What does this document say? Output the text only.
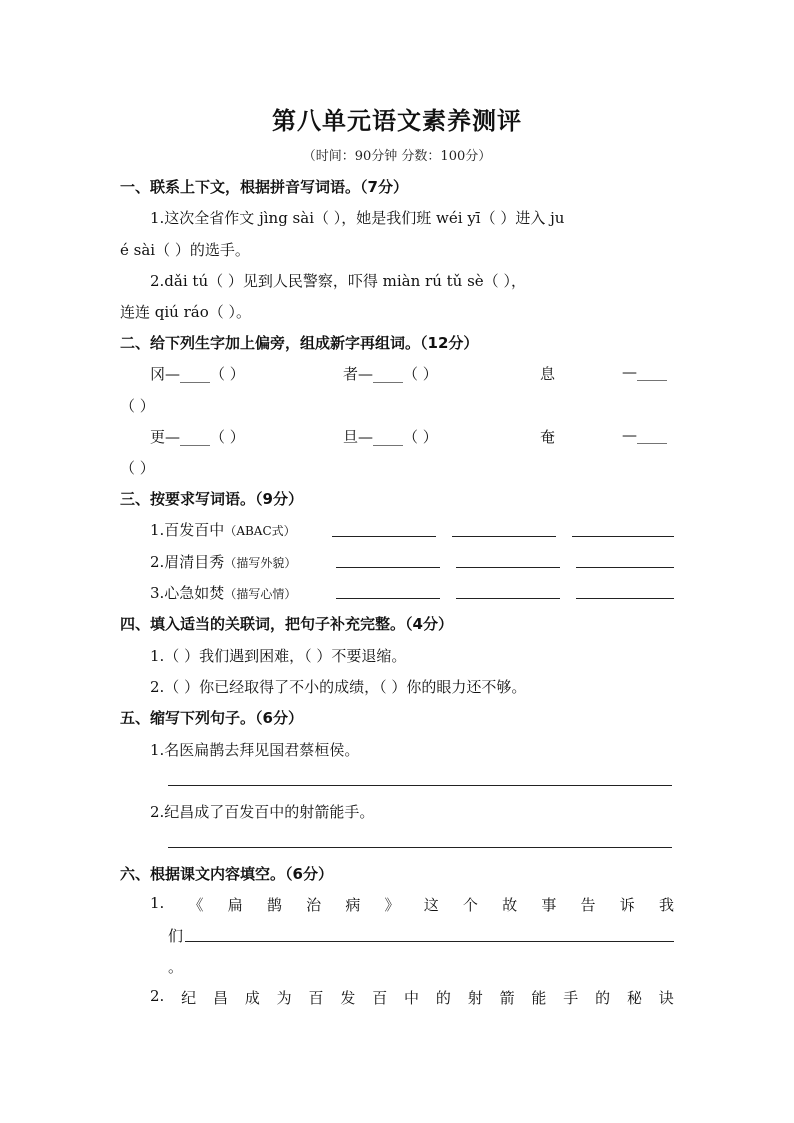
第八单元语文素养测评
（时间：90分钟 分数：100分）
一、联系上下文，根据拼音写词语。（7分）
1.这次全省作文 jìng sài（ ），她是我们班 wéi yī（ ）进入 ju
é sài（ ）的选手。
2.dǎi tú（ ）见到人民警察，吓得 miàn rú tǔ sè（ ），
连连 qiú ráo（ ）。
二、给下列生字加上偏旁，组成新字再组词。（12分）
冈—____（ ）	者—____（ ）	息	—____
（ ）
更—____（ ）	旦—____（ ）	奄	—____
（ ）
三、按要求写词语。（9分）
1.百发百中（ABAC式）
2.眉清目秀（描写外貌）
3.心急如焚（描写心情）
四、填入适当的关联词，把句子补充完整。（4分）
1.（ ）我们遇到困难，（ ）不要退缩。
2.（ ）你已经取得了不小的成绩，（ ）你的眼力还不够。
五、缩写下列句子。（6分）
1.名医扁鹊去拜见国君蔡桓侯。
2.纪昌成了百发百中的射箭能手。
六、根据课文内容填空。（6分）
1. 《 扁 鹊 治 病 》 这 个 故 事 告 诉 我
们
。
2. 纪 昌 成 为 百 发 百 中 的 射 箭 能 手 的 秘 诀
